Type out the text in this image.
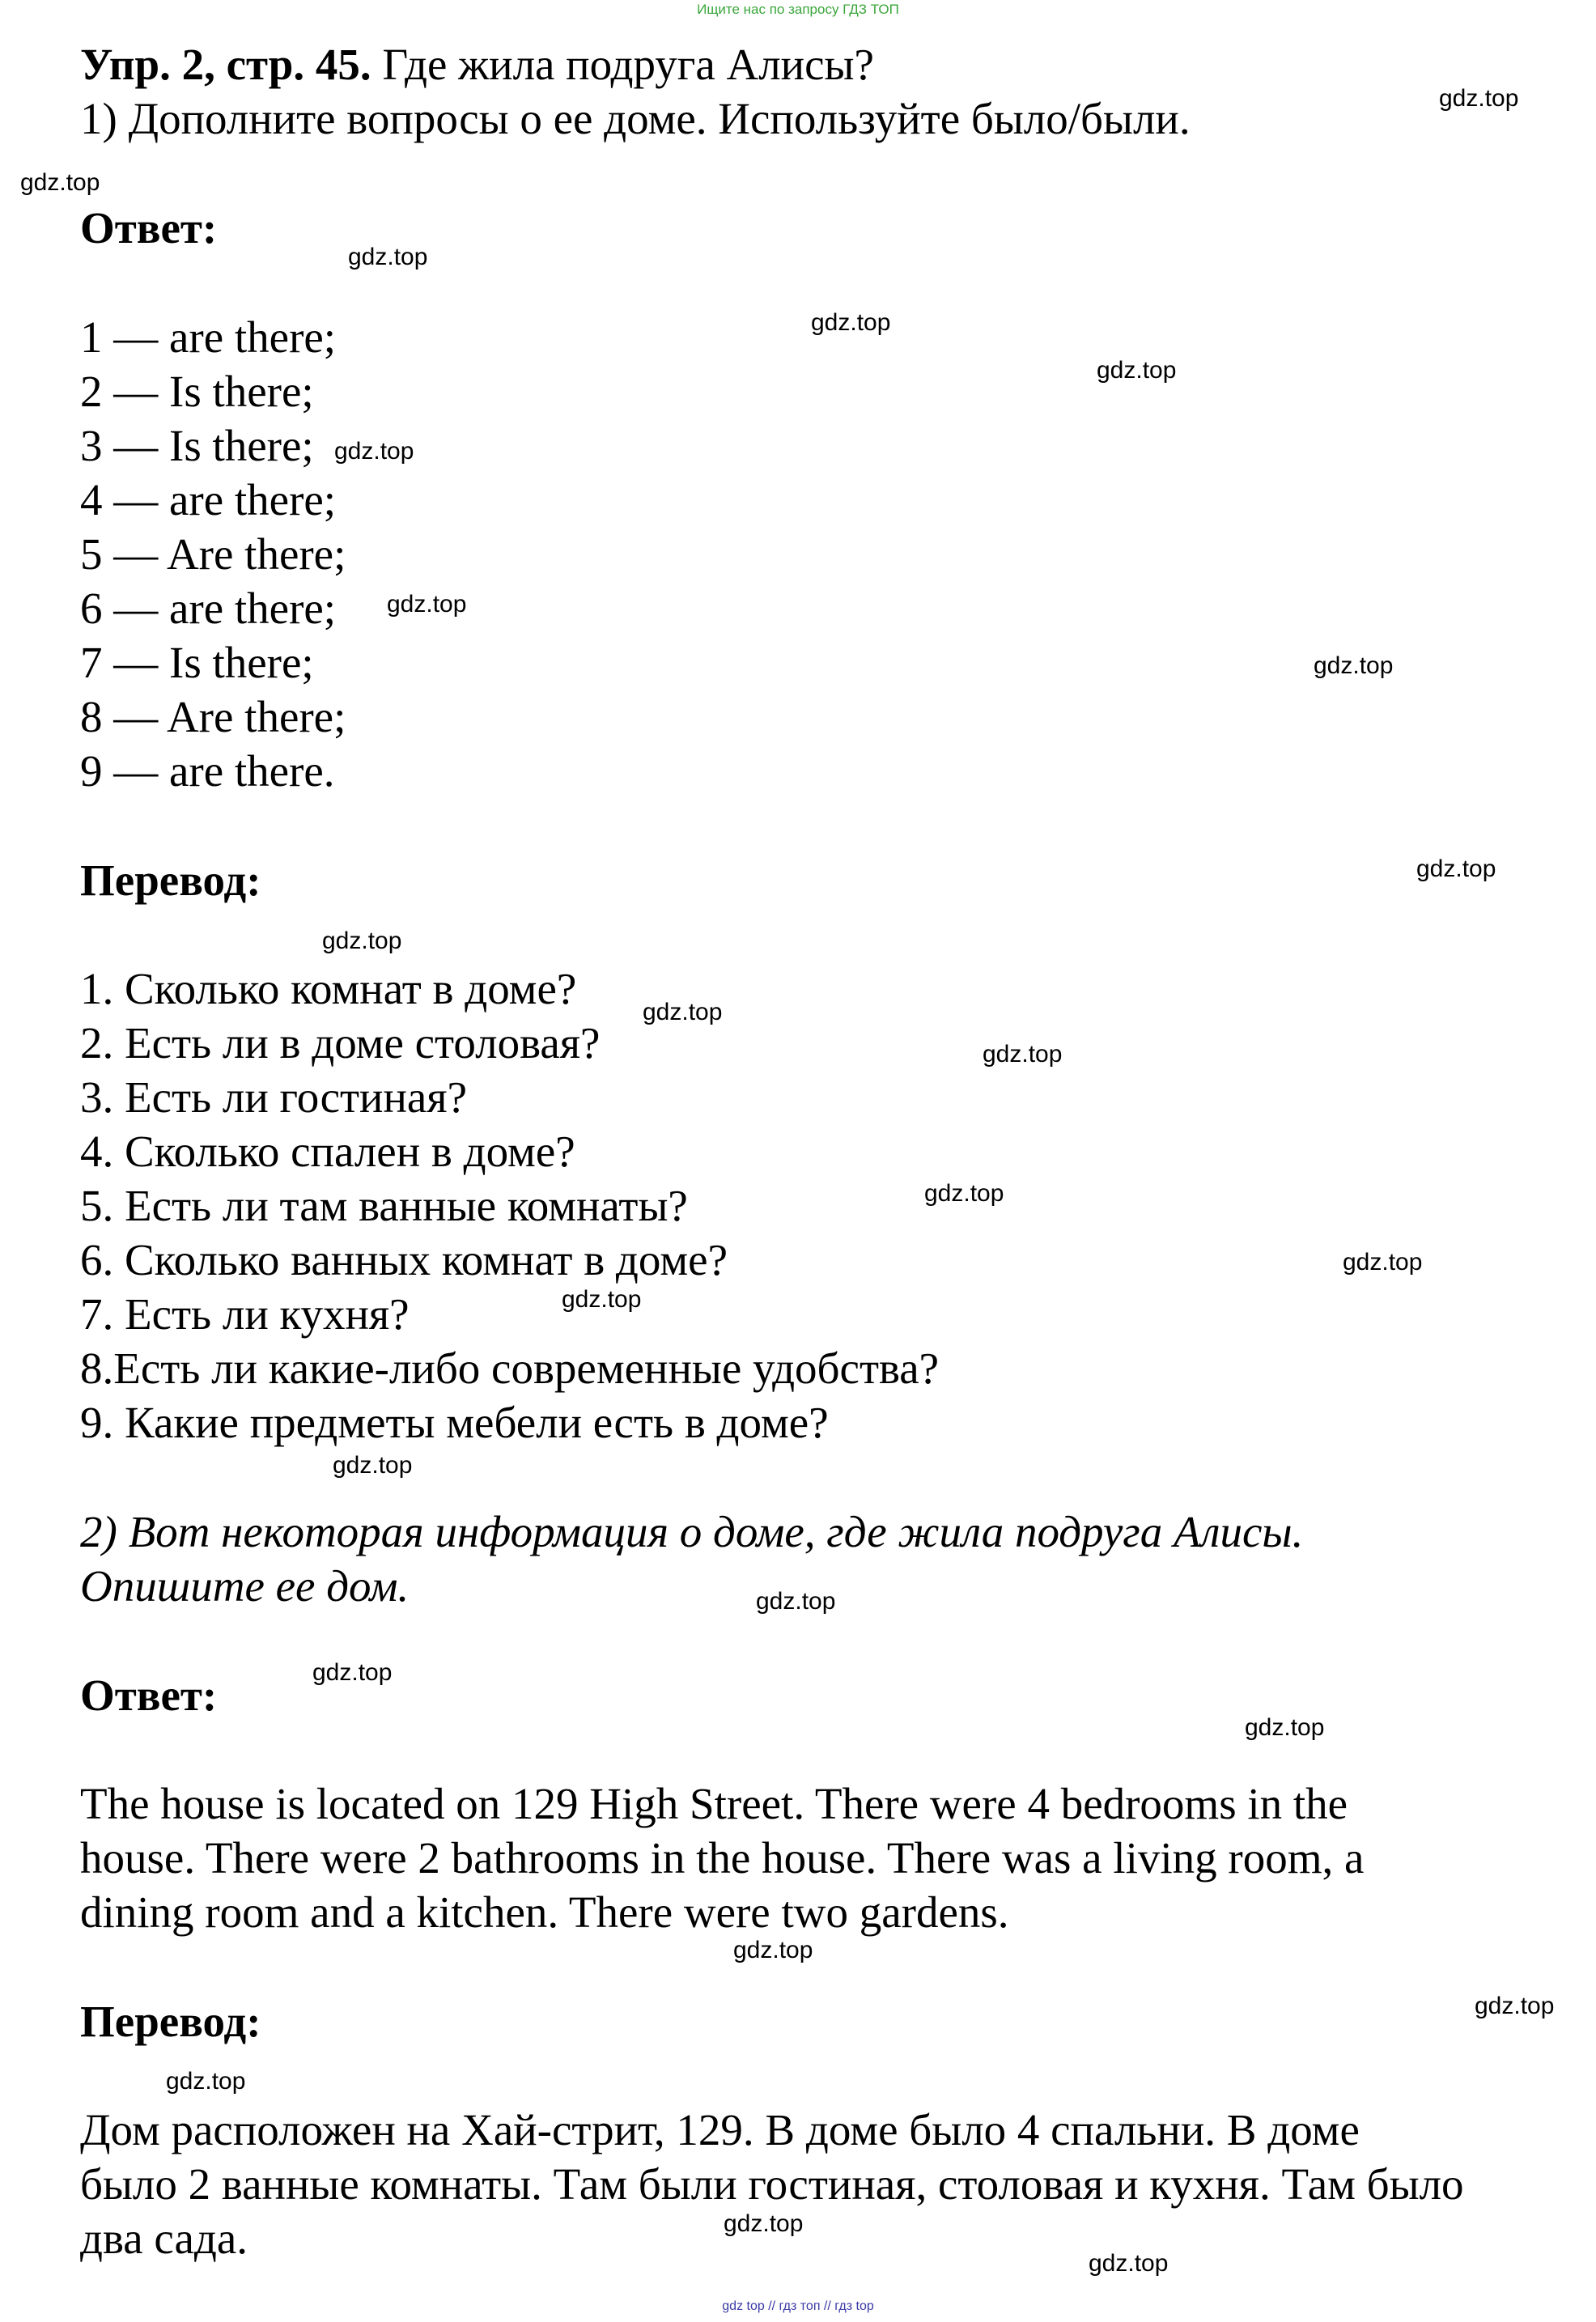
Ищите нас по запросу ГДЗ ТОП
Упр. 2, стр. 45. Где жила подруга Алисы?
1) Дополните вопросы о ее доме. Используйте было/были.
Ответ:
1 — are there;
2 — Is there;
3 — Is there;
4 — are there;
5 — Are there;
6 — are there;
7 — Is there;
8 — Are there;
9 — are there.
Перевод:
1. Сколько комнат в доме?
2. Есть ли в доме столовая?
3. Есть ли гостиная?
4. Сколько спален в доме?
5. Есть ли там ванные комнаты?
6. Сколько ванных комнат в доме?
7. Есть ли кухня?
8.Есть ли какие-либо современные удобства?
9. Какие предметы мебели есть в доме?
2) Вот некоторая информация о доме, где жила подруга Алисы.
Опишите ее дом.
Ответ:
The house is located on 129 High Street. There were 4 bedrooms in the
house. There were 2 bathrooms in the house. There was a living room, a
dining room and a kitchen. There were two gardens.
Перевод:
Дом расположен на Хай-стрит, 129. В доме было 4 спальни. В доме
было 2 ванные комнаты. Там были гостиная, столовая и кухня. Там было
два сада.
gdz.top
gdz.top
gdz.top
gdz.top
gdz.top
gdz.top
gdz.top
gdz.top
gdz.top
gdz.top
gdz.top
gdz.top
gdz.top
gdz.top
gdz.top
gdz.top
gdz.top
gdz.top
gdz.top
gdz.top
gdz.top
gdz.top
gdz.top
gdz.top
gdz top // гдз топ // гдз top
